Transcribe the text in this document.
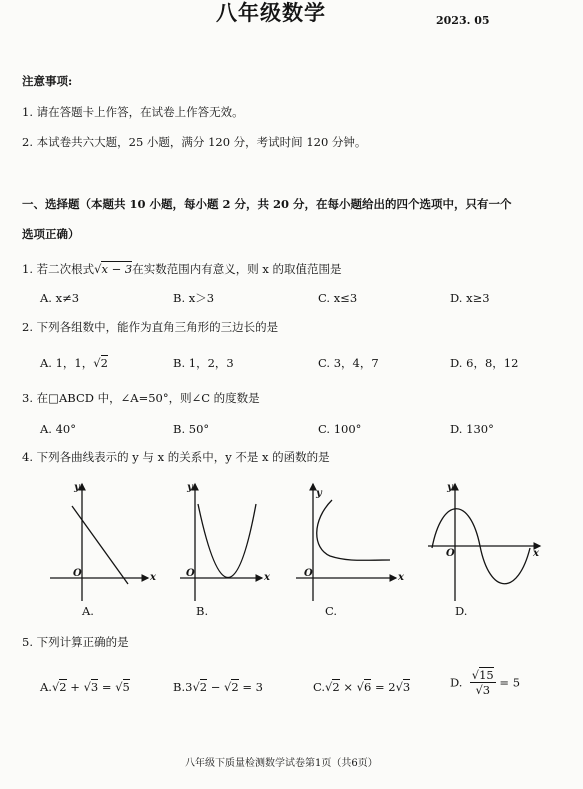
八年级数学	2023. 05
注意事项:
1. 请在答题卡上作答，在试卷上作答无效。
2. 本试卷共六大题，25 小题，满分 120 分，考试时间 120 分钟。
一、选择题（本题共 10 小题，每小题 2 分，共 20 分，在每小题给出的四个选项中，只有一个
选项正确）
1. 若二次根式√x − 3在实数范围内有意义，则 x 的取值范围是
A. x≠3	B. x＞3	C. x≤3	D. x≥3
2. 下列各组数中，能作为直角三角形的三边长的是
A. 1，1，√2	B. 1，2，3	C. 3，4，7	D. 6，8，12
3. 在□ABCD 中，∠A=50°，则∠C 的度数是
A. 40°	B. 50°	C. 100°	D. 130°
4. 下列各曲线表示的 y 与 x 的关系中，y 不是 x 的函数的是
y
x
O
y
x
O
y
x
O
y
x
O
A.	B.	C.	D.
5. 下列计算正确的是
A.√2 + √3 = √5	B.3√2 − √2 = 3	C.√2 × √6 = 2√3	D. $\frac{√15}{√3} = 5$
八年级下质量检测数学试卷第1页（共6页）
